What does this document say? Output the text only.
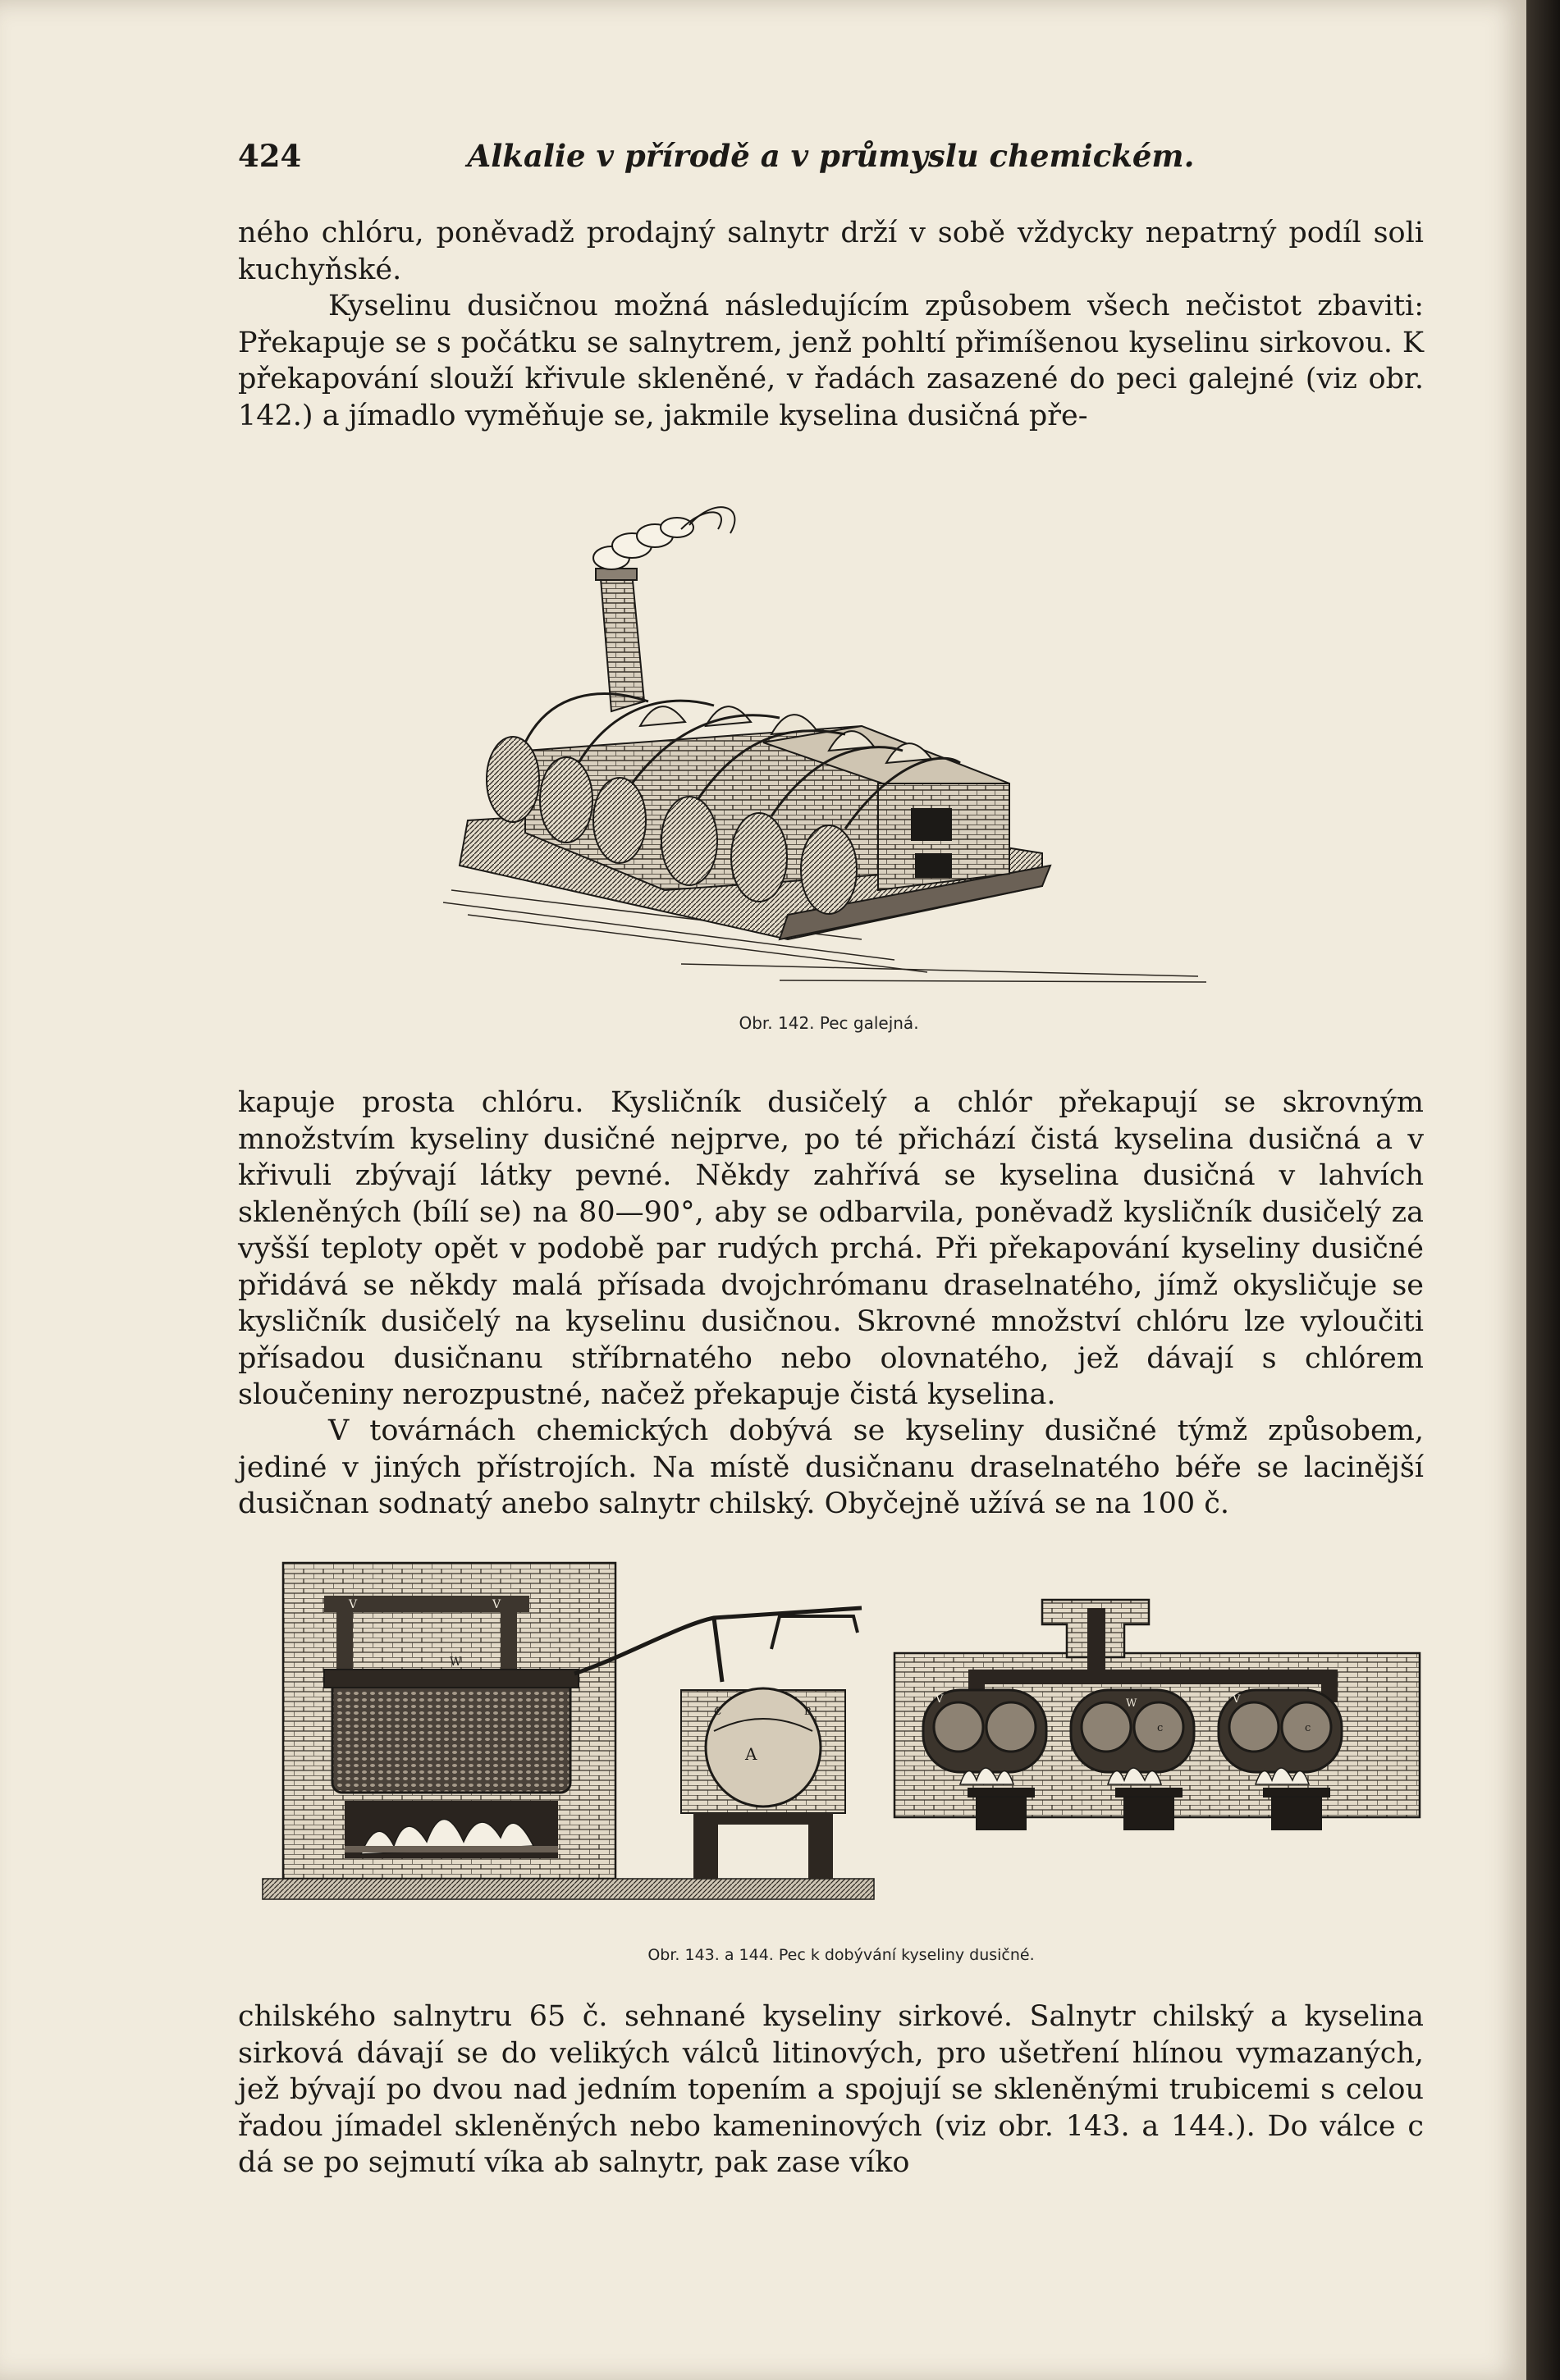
424	Alkalie v přírodě a v průmyslu chemickém.

ného chlóru, poněvadž prodajný salnytr drží v sobě vždycky nepatrný podíl soli kuchyňské.

Kyselinu dusičnou možná následujícím způsobem všech nečistot zbaviti: Překapuje se s počátku se salnytrem, jenž pohltí přimíšenou kyselinu sirkovou. K překapování slouží křivule skleněné, v řadách zasazené do peci galejné (viz obr. 142.) a jímadlo vyměňuje se, jakmile kyselina dusičná pře-

Obr. 142. Pec galejná.

kapuje prosta chlóru. Kysličník dusičelý a chlór překapují se skrovným množstvím kyseliny dusičné nejprve, po té přichází čistá kyselina dusičná a v křivuli zbývají látky pevné. Někdy zahřívá se kyselina dusičná v lahvích skleněných (bílí se) na 80—90°, aby se odbarvila, poněvadž kysličník dusičelý za vyšší teploty opět v podobě par rudých prchá. Při překapování kyseliny dusičné přidává se někdy malá přísada dvojchrómanu draselnatého, jímž okysličuje se kysličník dusičelý na kyselinu dusičnou. Skrovné množství chlóru lze vyloučiti přísadou dusičnanu stříbrnatého nebo olovnatého, jež dávají s chlórem sloučeniny nerozpustné, načež překapuje čistá kyselina.

V továrnách chemických dobývá se kyseliny dusičné týmž způsobem, jediné v jiných přístrojích. Na místě dusičnanu draselnatého béře se lacinější dusičnan sodnatý anebo salnytr chilský. Obyčejně užívá se na 100 č.

V	V
W
A
B
C
V	W
c
V
c
Obr. 143. a 144. Pec k dobývání kyseliny dusičné.

chilského salnytru 65 č. sehnané kyseliny sirkové. Salnytr chilský a kyselina sirková dávají se do velikých válců litinových, pro ušetření hlínou vymazaných, jež bývají po dvou nad jedním topením a spojují se skleněnými trubicemi s celou řadou jímadel skleněných nebo kameninových (viz obr. 143. a 144.). Do válce c dá se po sejmutí víka ab salnytr, pak zase víko
